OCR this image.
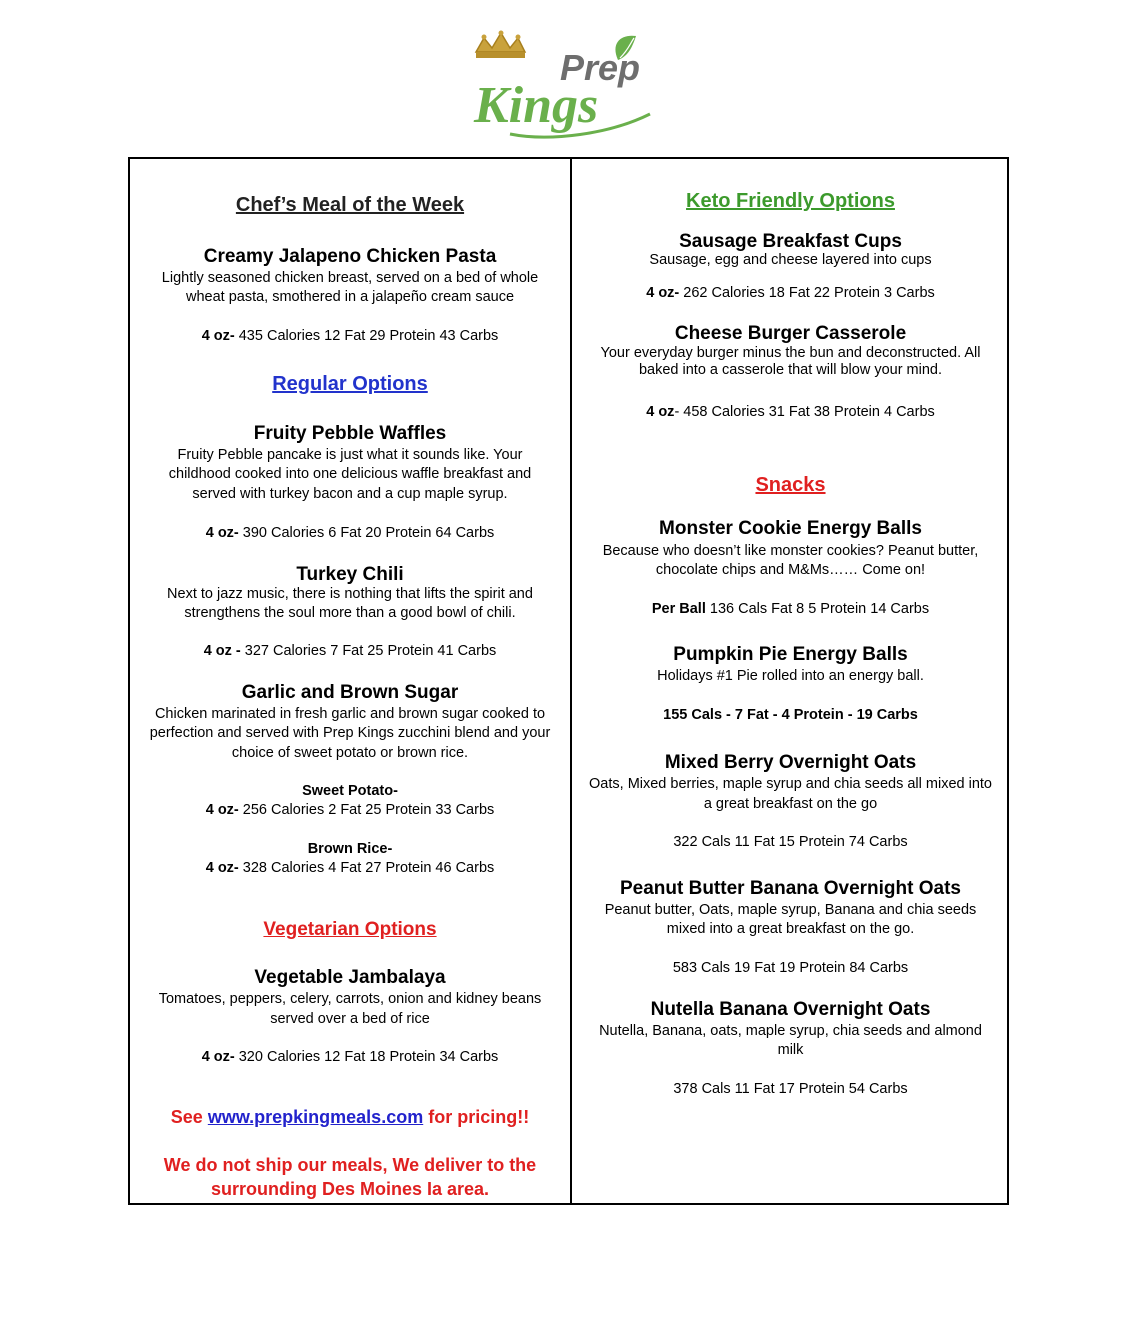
Prep
Kings
Chef’s Meal of the Week
Creamy Jalapeno Chicken Pasta
Lightly seasoned chicken breast, served on a bed of whole
wheat pasta, smothered in a jalapeño cream sauce
4 oz- 435 Calories 12 Fat 29 Protein 43 Carbs
Regular Options
Fruity Pebble Waffles
Fruity Pebble pancake is just what it sounds like. Your
childhood cooked into one delicious waffle breakfast and
served with turkey bacon and a cup maple syrup.
4 oz- 390 Calories 6 Fat 20 Protein 64 Carbs
Turkey Chili
Next to jazz music, there is nothing that lifts the spirit and
strengthens the soul more than a good bowl of chili.
4 oz - 327 Calories 7 Fat 25 Protein 41 Carbs
Garlic and Brown Sugar
Chicken marinated in fresh garlic and brown sugar cooked to
perfection and served with Prep Kings zucchini blend and your
choice of sweet potato or brown rice.
Sweet Potato-
4 oz- 256 Calories 2 Fat 25 Protein 33 Carbs
Brown Rice-
4 oz- 328 Calories 4 Fat 27 Protein 46 Carbs
Vegetarian Options
Vegetable Jambalaya
Tomatoes, peppers, celery, carrots, onion and kidney beans
served over a bed of rice
4 oz- 320 Calories 12 Fat 18 Protein 34 Carbs
See www.prepkingmeals.com for pricing!!
We do not ship our meals, We deliver to the
surrounding Des Moines Ia area.
Keto Friendly Options
Sausage Breakfast Cups
Sausage, egg and cheese layered into cups
4 oz- 262 Calories 18 Fat 22 Protein 3 Carbs
Cheese Burger Casserole
Your everyday burger minus the bun and deconstructed. All
baked into a casserole that will blow your mind.
4 oz- 458 Calories 31 Fat 38 Protein 4 Carbs
Snacks
Monster Cookie Energy Balls
Because who doesn’t like monster cookies? Peanut butter,
chocolate chips and M&Ms…… Come on!
Per Ball 136 Cals Fat 8 5 Protein 14 Carbs
Pumpkin Pie Energy Balls
Holidays #1 Pie rolled into an energy ball.
155 Cals - 7 Fat - 4 Protein - 19 Carbs
Mixed Berry Overnight Oats
Oats, Mixed berries, maple syrup and chia seeds all mixed into
a great breakfast on the go
322 Cals 11 Fat 15 Protein 74 Carbs
Peanut Butter Banana Overnight Oats
Peanut butter, Oats, maple syrup, Banana and chia seeds
mixed into a great breakfast on the go.
583 Cals 19 Fat 19 Protein 84 Carbs
Nutella Banana Overnight Oats
Nutella, Banana, oats, maple syrup, chia seeds and almond
milk
378 Cals 11 Fat 17 Protein 54 Carbs
